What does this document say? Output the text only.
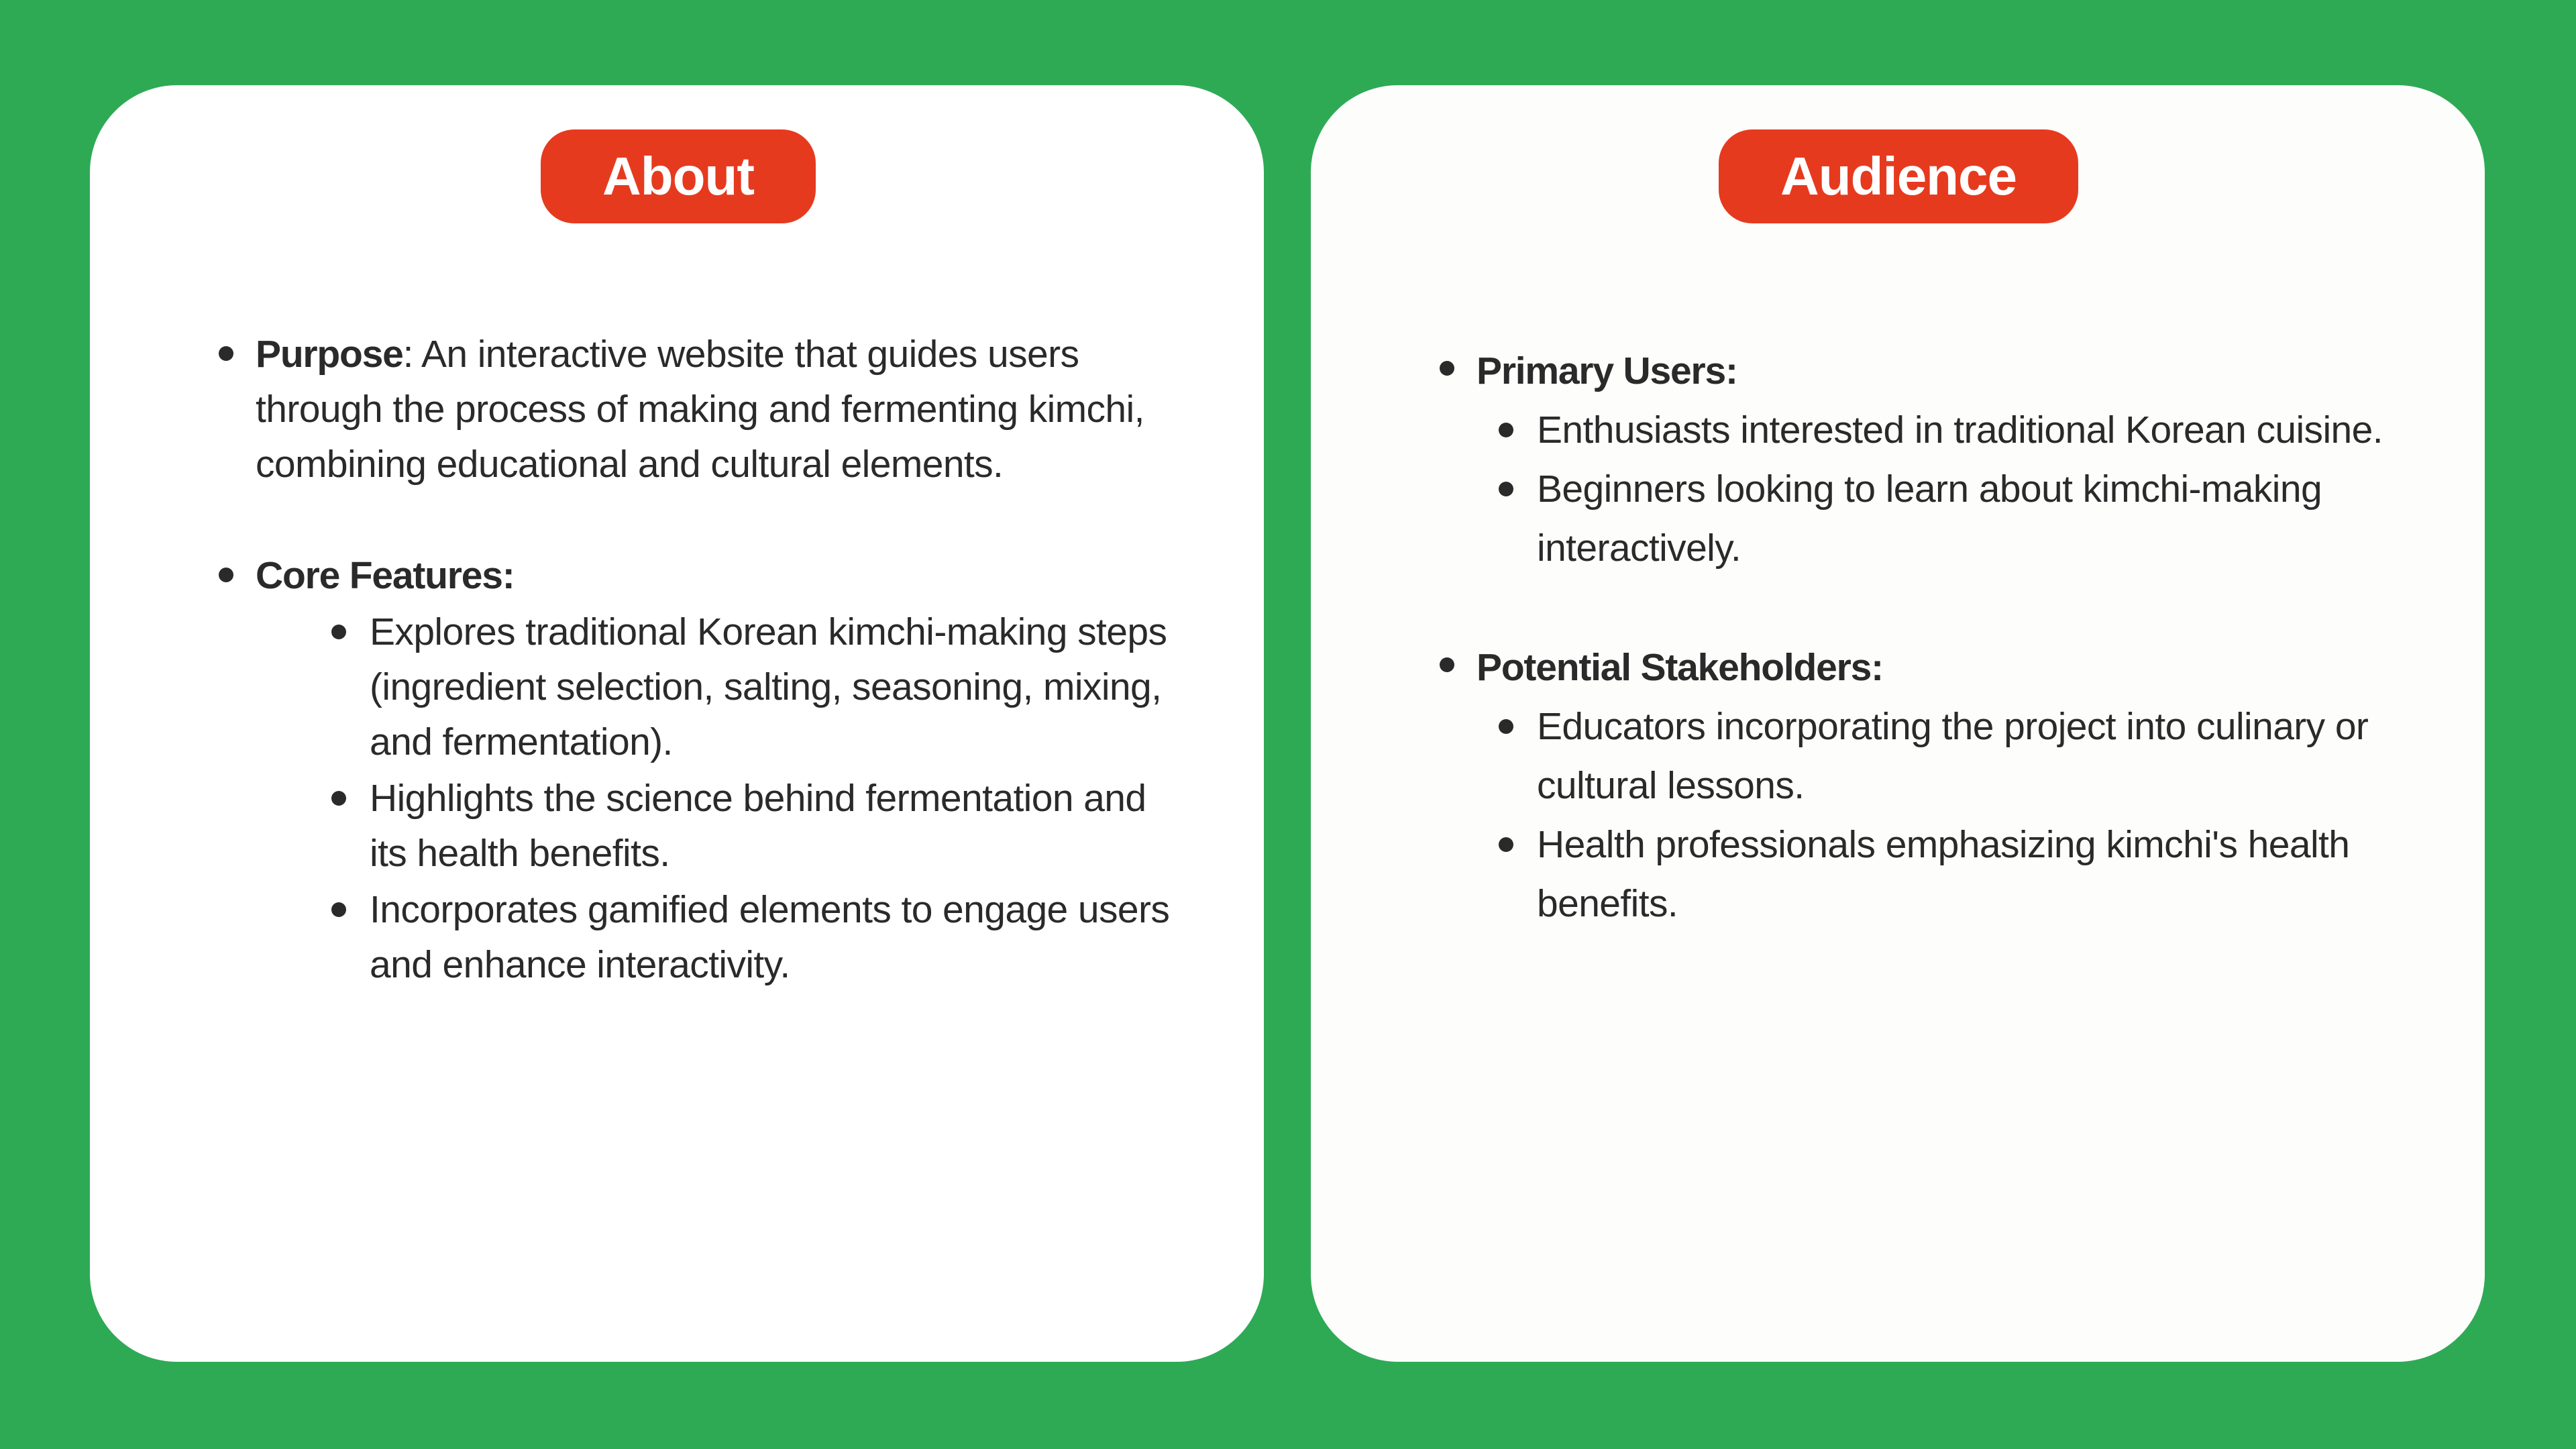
About
Purpose: An interactive website that guides users through the process of making and fermenting kimchi, combining educational and cultural elements.
Core Features:
Explores traditional Korean kimchi-making steps (ingredient selection, salting, seasoning, mixing, and fermentation).
Highlights the science behind fermentation and its health benefits.
Incorporates gamified elements to engage users and enhance interactivity.
Audience
Primary Users:
Enthusiasts interested in traditional Korean cuisine.
Beginners looking to learn about kimchi-making interactively.
Potential Stakeholders:
Educators incorporating the project into culinary or cultural lessons.
Health professionals emphasizing kimchi's health benefits.
